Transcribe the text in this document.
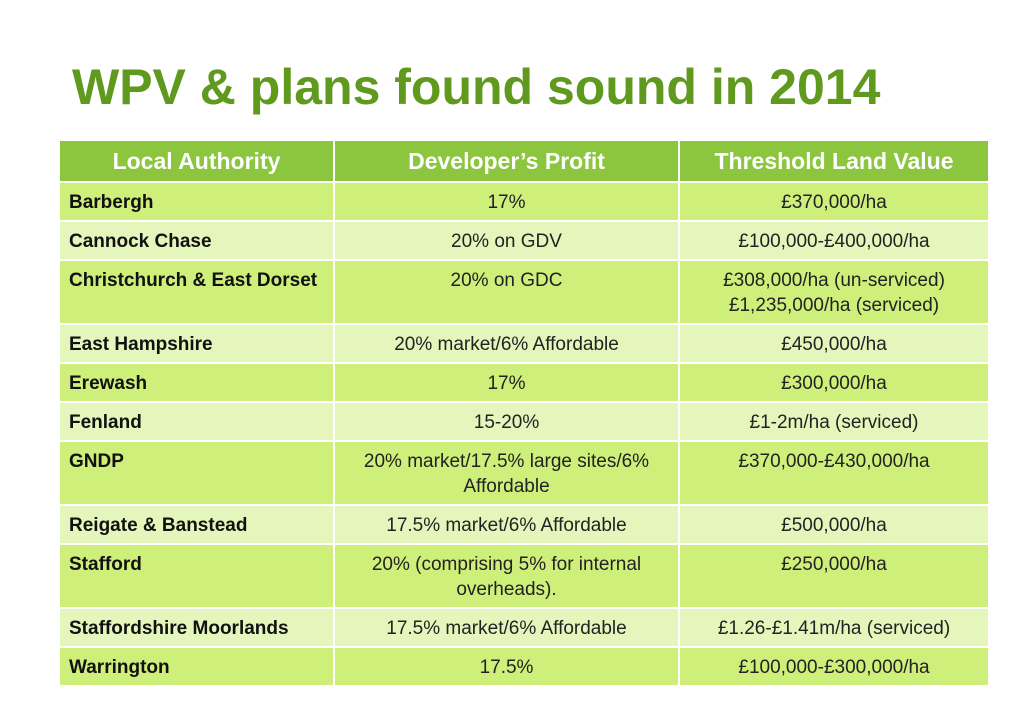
WPV & plans found sound in 2014
Local Authority	Developer’s Profit	Threshold Land Value
Barbergh	17%	£370,000/ha
Cannock Chase	20% on GDV	£100,000-£400,000/ha
Christchurch & East Dorset	20% on GDC	£308,000/ha (un-serviced)
£1,235,000/ha (serviced)
East Hampshire	20% market/6% Affordable	£450,000/ha
Erewash	17%	£300,000/ha
Fenland	15-20%	£1-2m/ha (serviced)
GNDP	20% market/17.5% large sites/6% Affordable	£370,000-£430,000/ha
Reigate & Banstead	17.5% market/6% Affordable	£500,000/ha
Stafford	20% (comprising 5% for internal overheads).	£250,000/ha
Staffordshire Moorlands	17.5% market/6% Affordable	£1.26-£1.41m/ha (serviced)
Warrington	17.5%	£100,000-£300,000/ha
